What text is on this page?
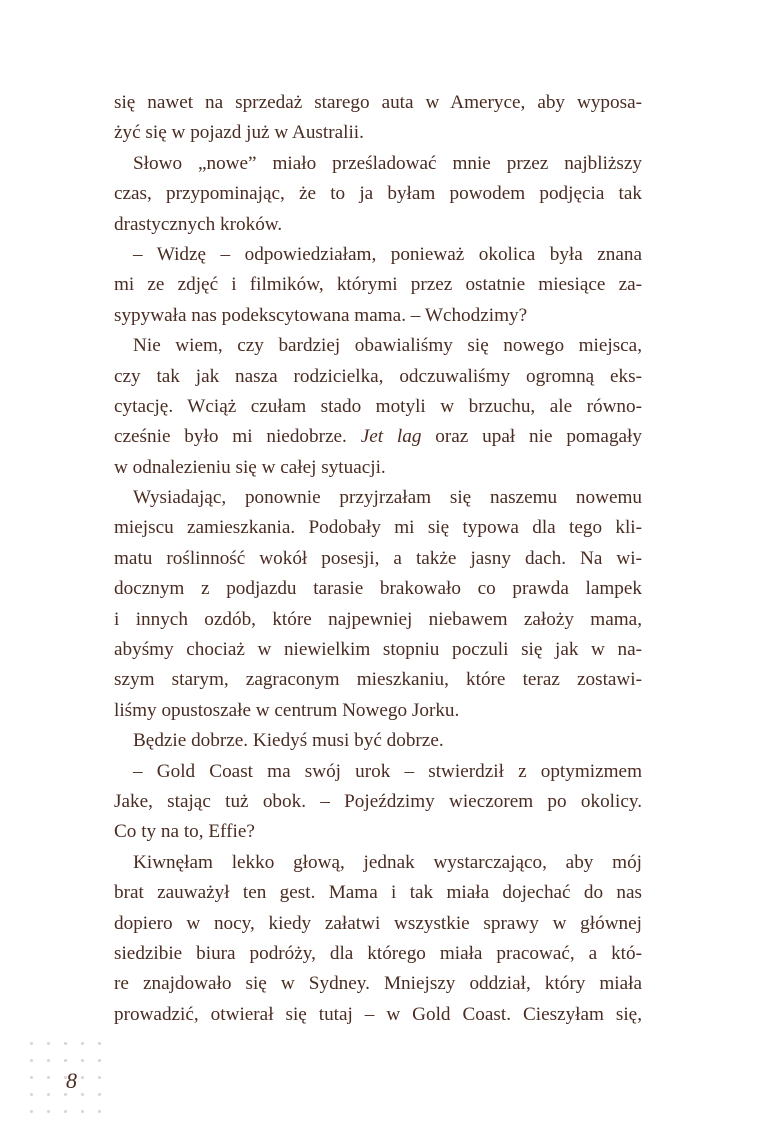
się nawet na sprzedaż starego auta w Ameryce, aby wyposa-
żyć się w pojazd już w Australii.
Słowo „nowe” miało prześladować mnie przez najbliższy
czas, przypominając, że to ja byłam powodem podjęcia tak
drastycznych kroków.
– Widzę – odpowiedziałam, ponieważ okolica była znana
mi ze zdjęć i filmików, którymi przez ostatnie miesiące za-
sypywała nas podekscytowana mama. – Wchodzimy?
Nie wiem, czy bardziej obawialiśmy się nowego miejsca,
czy tak jak nasza rodzicielka, odczuwaliśmy ogromną eks-
cytację. Wciąż czułam stado motyli w brzuchu, ale równo-
cześnie było mi niedobrze. Jet lag oraz upał nie pomagały
w odnalezieniu się w całej sytuacji.
Wysiadając, ponownie przyjrzałam się naszemu nowemu
miejscu zamieszkania. Podobały mi się typowa dla tego kli-
matu roślinność wokół posesji, a także jasny dach. Na wi-
docznym z podjazdu tarasie brakowało co prawda lampek
i innych ozdób, które najpewniej niebawem założy mama,
abyśmy chociaż w niewielkim stopniu poczuli się jak w na-
szym starym, zagraconym mieszkaniu, które teraz zostawi-
liśmy opustoszałe w centrum Nowego Jorku.
Będzie dobrze. Kiedyś musi być dobrze.
– Gold Coast ma swój urok – stwierdził z optymizmem
Jake, stając tuż obok. – Pojeździmy wieczorem po okolicy.
Co ty na to, Effie?
Kiwnęłam lekko głową, jednak wystarczająco, aby mój
brat zauważył ten gest. Mama i tak miała dojechać do nas
dopiero w nocy, kiedy załatwi wszystkie sprawy w głównej
siedzibie biura podróży, dla którego miała pracować, a któ-
re znajdowało się w Sydney. Mniejszy oddział, który miała
prowadzić, otwierał się tutaj – w Gold Coast. Cieszyłam się,
8
